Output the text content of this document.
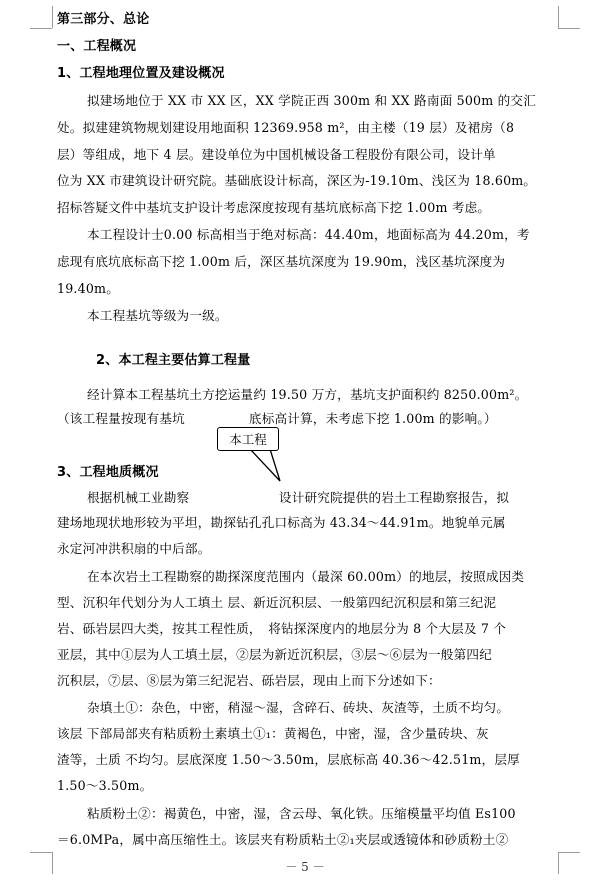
第三部分、总论
一、工程概况
1、工程地理位置及建设概况
拟建场地位于 XX 市 XX 区，XX 学院正西 300m 和 XX 路南面 500m 的交汇
处。拟建建筑物规划建设用地面积 12369.958 m²，由主楼（19 层）及裙房（8
层）等组成，地下 4 层。建设单位为中国机械设备工程股份有限公司，设计单
位为 XX 市建筑设计研究院。基础底设计标高，深区为-19.10m、浅区为 18.60m。
招标答疑文件中基坑支护设计考虑深度按现有基坑底标高下挖 1.00m 考虑。
本工程设计士0.00 标高相当于绝对标高：44.40m，地面标高为 44.20m，考
虑现有底坑底标高下挖 1.00m 后，深区基坑深度为 19.90m，浅区基坑深度为
19.40m。
本工程基坑等级为一级。
2、本工程主要估算工程量
经计算本工程基坑土方挖运量约 19.50 万方，基坑支护面积约 8250.00m²。
（该工程量按现有基坑　　　　　底标高计算，未考虑下挖 1.00m 的影响。）
本工程
3、工程地质概况
根据机械工业勘察　　　　　　　设计研究院提供的岩土工程勘察报告，拟
建场地现状地形较为平坦，勘探钻孔孔口标高为 43.34～44.91m。地貌单元属
永定河冲洪积扇的中后部。
在本次岩土工程勘察的勘探深度范围内（最深 60.00m）的地层，按照成因类
型、沉积年代划分为人工填土 层、新近沉积层、一般第四纪沉积层和第三纪泥
岩、砾岩层四大类，按其工程性质，　将钻探深度内的地层分为 8 个大层及 7 个
亚层，其中①层为人工填土层，②层为新近沉积层，③层～⑥层为一般第四纪
沉积层，⑦层、⑧层为第三纪泥岩、砾岩层，现由上而下分述如下：
杂填土①：杂色，中密，稍湿～湿，含碎石、砖块、灰渣等，土质不均匀。
该层 下部局部夹有粘质粉土素填土①₁：黄褐色，中密，湿，含少量砖块、灰
渣等，土质 不均匀。层底深度 1.50～3.50m，层底标高 40.36～42.51m，层厚
1.50～3.50m。
粘质粉土②：褐黄色，中密，湿，含云母、氧化铁。压缩模量平均值 Es100
＝6.0MPa，属中高压缩性土。该层夹有粉质粘土②₁夹层或透镜体和砂质粉土②
－ 5 －
